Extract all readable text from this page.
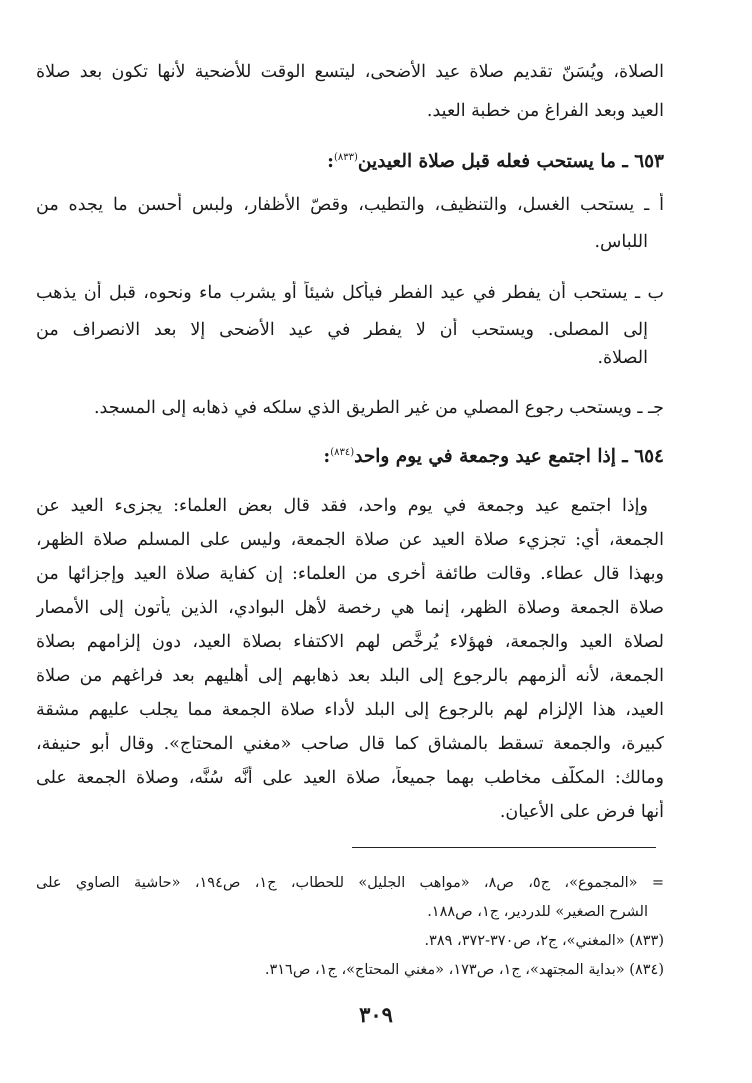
الصلاة، ويُسَنّ تقديم صلاة عيد الأضحى، ليتسع الوقت للأضحية لأنها تكون بعد صلاة
العيد وبعد الفراغ من خطبة العيد.
٦٥٣ ـ ما يستحب فعله قبل صلاة العيدين$^{(٨٣٣)}$:
أ ـ يستحب الغسل، والتنظيف، والتطيب، وقصّ الأظفار، ولبس أحسن ما يجده من
اللباس.
ب ـ يستحب أن يفطر في عيد الفطر فيأكل شيئاً أو يشرب ماء ونحوه، قبل أن يذهب
إلى المصلى. ويستحب أن لا يفطر في عيد الأضحى إلا بعد الانصراف من
الصلاة.
جـ ـ ويستحب رجوع المصلي من غير الطريق الذي سلكه في ذهابه إلى المسجد.
٦٥٤ ـ إذا اجتمع عيد وجمعة في يوم واحد$^{(٨٣٤)}$:
وإذا اجتمع عيد وجمعة في يوم واحد، فقد قال بعض العلماء: يجزىء العيد عن
الجمعة، أي: تجزيء صلاة العيد عن صلاة الجمعة، وليس على المسلم صلاة الظهر،
وبهذا قال عطاء. وقالت طائفة أخرى من العلماء: إن كفاية صلاة العيد وإجزائها من
صلاة الجمعة وصلاة الظهر، إنما هي رخصة لأهل البوادي، الذين يأتون إلى الأمصار
لصلاة العيد والجمعة، فهؤلاء يُرخَّص لهم الاكتفاء بصلاة العيد، دون إلزامهم بصلاة
الجمعة، لأنه ألزمهم بالرجوع إلى البلد بعد ذهابهم إلى أهليهم بعد فراغهم من صلاة
العيد، هذا الإلزام لهم بالرجوع إلى البلد لأداء صلاة الجمعة مما يجلب عليهم مشقة
كبيرة، والجمعة تسقط بالمشاق كما قال صاحب «مغني المحتاج». وقال أبو حنيفة،
ومالك: المكلَّف مخاطب بهما جميعاً، صلاة العيد على أنَّه سُنَّه، وصلاة الجمعة على
أنها فرض على الأعيان.
= «المجموع»، ج٥، ص٨، «مواهب الجليل» للحطاب، ج١، ص١٩٤، «حاشية الصاوي على
الشرح الصغير» للدردير، ج١، ص١٨٨.
(٨٣٣) «المغني»، ج٢، ص٣٧٠-٣٧٢، ٣٨٩.
(٨٣٤) «بداية المجتهد»، ج١، ص١٧٣، «مغني المحتاج»، ج١، ص٣١٦.
٣٠٩
